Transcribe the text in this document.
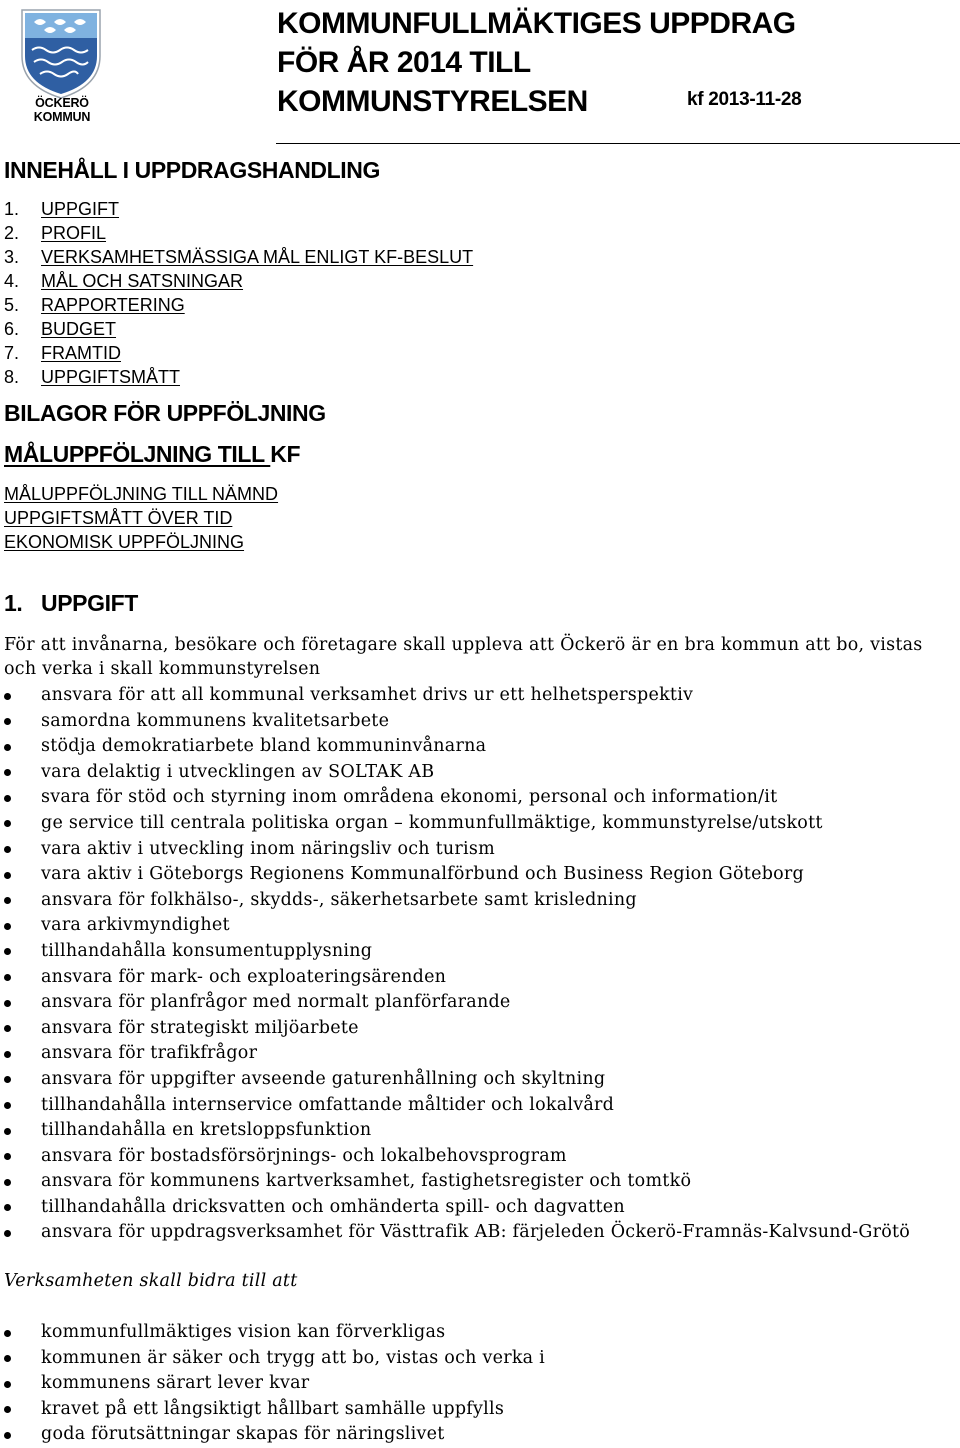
ÖCKERÖ KOMMUN
KOMMUNFULLMÄKTIGES UPPDRAG
FÖR ÅR 2014 TILL
KOMMUNSTYRELSEN	kf 2013-11-28
INNEHÅLL I UPPDRAGSHANDLING
1. UPPGIFT
2. PROFIL
3. VERKSAMHETSMÄSSIGA MÅL ENLIGT KF-BESLUT
4. MÅL OCH SATSNINGAR
5. RAPPORTERING
6. BUDGET
7. FRAMTID
8. UPPGIFTSMÅTT
BILAGOR FÖR UPPFÖLJNING
MÅLUPPFÖLJNING TILL KF
MÅLUPPFÖLJNING TILL NÄMND
UPPGIFTSMÅTT ÖVER TID
EKONOMISK UPPFÖLJNING
1. UPPGIFT

För att invånarna, besökare och företagare skall uppleva att Öckerö är en bra kommun att bo, vistas och verka i skall kommunstyrelsen

ansvara för att all kommunal verksamhet drivs ur ett helhetsperspektiv
samordna kommunens kvalitetsarbete
stödja demokratiarbete bland kommuninvånarna
vara delaktig i utvecklingen av SOLTAK AB
svara för stöd och styrning inom områdena ekonomi, personal och information/it
ge service till centrala politiska organ – kommunfullmäktige, kommunstyrelse/utskott
vara aktiv i utveckling inom näringsliv och turism
vara aktiv i Göteborgs Regionens Kommunalförbund och Business Region Göteborg
ansvara för folkhälso-, skydds-, säkerhetsarbete samt krisledning
vara arkivmyndighet
tillhandahålla konsumentupplysning
ansvara för mark- och exploateringsärenden
ansvara för planfrågor med normalt planförfarande
ansvara för strategiskt miljöarbete
ansvara för trafikfrågor
ansvara för uppgifter avseende gaturenhållning och skyltning
tillhandahålla internservice omfattande måltider och lokalvård
tillhandahålla en kretsloppsfunktion
ansvara för bostadsförsörjnings- och lokalbehovsprogram
ansvara för kommunens kartverksamhet, fastighetsregister och tomtkö
tillhandahålla dricksvatten och omhänderta spill- och dagvatten
ansvara för uppdragsverksamhet för Västtrafik AB: färjeleden Öckerö-Framnäs-Kalvsund-Grötö

Verksamheten skall bidra till att

kommunfullmäktiges vision kan förverkligas
kommunen är säker och trygg att bo, vistas och verka i
kommunens särart lever kvar
kravet på ett långsiktigt hållbart samhälle uppfylls
goda förutsättningar skapas för näringslivet
